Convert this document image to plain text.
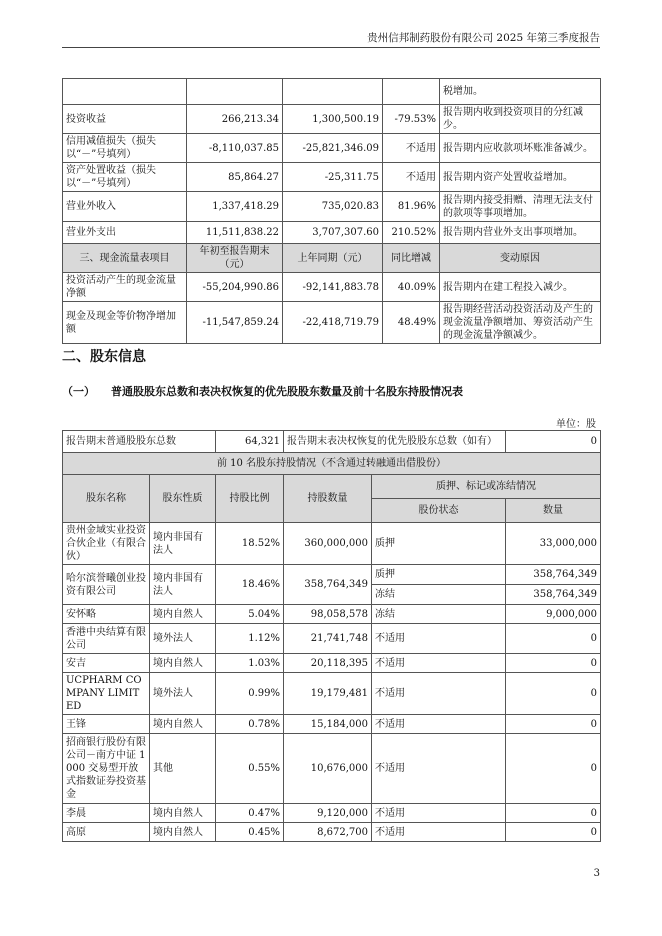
贵州信邦制药股份有限公司 2025 年第三季度报告
				税增加。
投资收益	266,213.34	1,300,500.19	-79.53%	报告期内收到投资项目的分红减少。
信用减值损失（损失以“－”号填列）	-8,110,037.85	-25,821,346.09	不适用	报告期内应收款项坏账准备减少。
资产处置收益（损失以“－”号填列）	85,864.27	-25,311.75	不适用	报告期内资产处置收益增加。
营业外收入	1,337,418.29	735,020.83	81.96%	报告期内接受捐赠、清理无法支付的款项等事项增加。
营业外支出	11,511,838.22	3,707,307.60	210.52%	报告期内营业外支出事项增加。
三、现金流量表项目	年初至报告期末（元）	上年同期（元）	同比增减	变动原因
投资活动产生的现金流量净额	-55,204,990.86	-92,141,883.78	40.09%	报告期内在建工程投入减少。
现金及现金等价物净增加额	-11,547,859.24	-22,418,719.79	48.49%	报告期经营活动投资活动及产生的现金流量净额增加、筹资活动产生的现金流量净额减少。
二、股东信息
（一） 普通股股东总数和表决权恢复的优先股股东数量及前十名股东持股情况表
单位：股
报告期末普通股股东总数		64,321	报告期末表决权恢复的优先股股东总数（如有）		0
前 10 名股东持股情况（不含通过转融通出借股份）					
股东名称	股东性质	持股比例	持股数量	质押、标记或冻结情况	
				股份状态	数量
贵州金域实业投资合伙企业（有限合伙）	境内非国有法人	18.52%	360,000,000	质押	33,000,000
哈尔滨誉曦创业投资有限公司	境内非国有法人	18.46%	358,764,349	质押	358,764,349
				冻结	358,764,349
安怀略	境内自然人	5.04%	98,058,578	冻结	9,000,000
香港中央结算有限公司	境外法人	1.12%	21,741,748	不适用	0
安吉	境内自然人	1.03%	20,118,395	不适用	0
UCPHARM COMPANY LIMITED	境外法人	0.99%	19,179,481	不适用	0
王锋	境内自然人	0.78%	15,184,000	不适用	0
招商银行股份有限公司－南方中证 1000 交易型开放式指数证券投资基金	其他	0.55%	10,676,000	不适用	0
李晨	境内自然人	0.47%	9,120,000	不适用	0
高原	境内自然人	0.45%	8,672,700	不适用	0
3
